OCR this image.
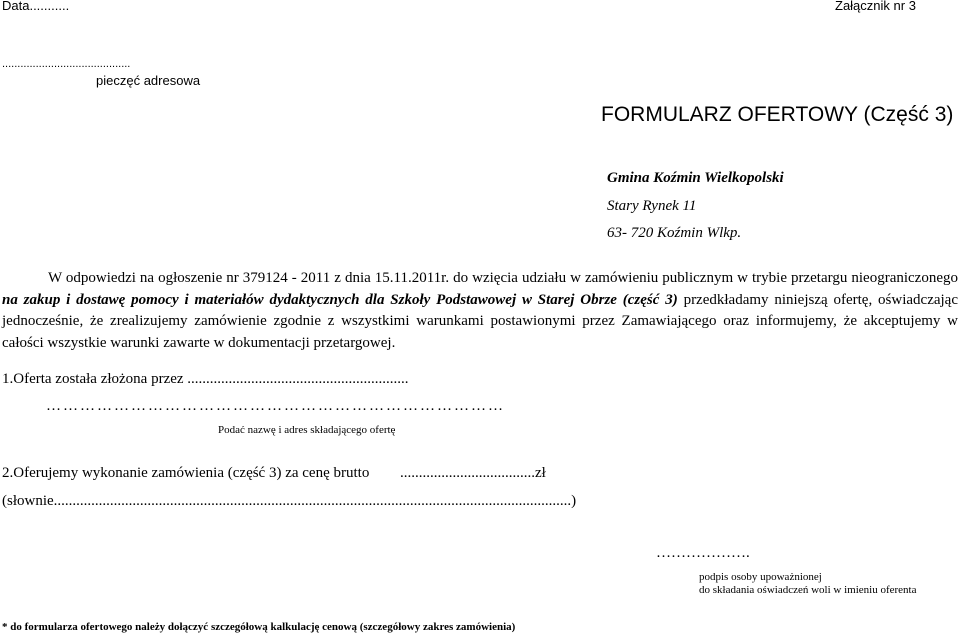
Data...........	Załącznik nr 3
..........................................
pieczęć adresowa
FORMULARZ OFERTOWY (Część 3)
Gmina Koźmin Wielkopolski
Stary Rynek 11
63- 720 Koźmin Wlkp.
W odpowiedzi na ogłoszenie nr 379124 - 2011 z dnia 15.11.2011r. do wzięcia udziału w zamówieniu publicznym w trybie przetargu nieograniczonego na zakup i dostawę pomocy i materiałów dydaktycznych dla Szkoły Podstawowej w Starej Obrze (część 3) przedkładamy niniejszą ofertę, oświadczając jednocześnie, że zrealizujemy zamówienie zgodnie z wszystkimi warunkami postawionymi przez Zamawiającego oraz informujemy, że akceptujemy w całości wszystkie warunki zawarte w dokumentacji przetargowej.
1.Oferta została złożona przez ...........................................................
………………………………………………………………………
Podać nazwę i adres składającego ofertę
2.Oferujemy wykonanie zamówienia (część 3) za cenę brutto ....................................zł
(słownie..........................................................................................................................................)
……………….
podpis osoby upoważnionej
do składania oświadczeń woli w imieniu oferenta
* do formularza ofertowego należy dołączyć szczegółową kalkulację cenową (szczegółowy zakres zamówienia)
